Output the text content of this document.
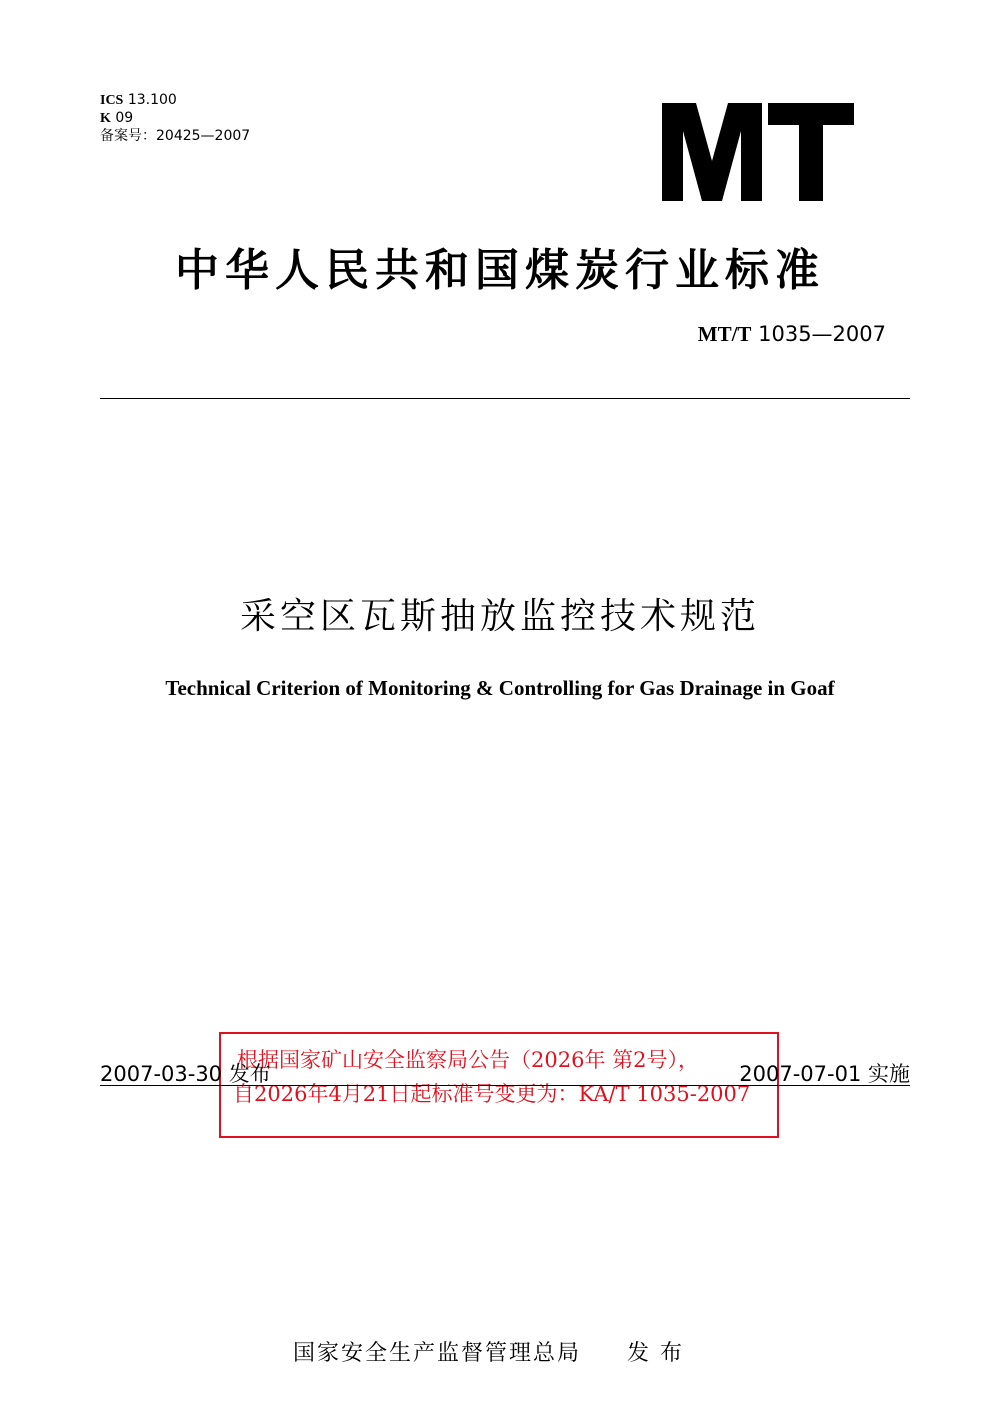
ICS 13.100
K 09
备案号：20425—2007
中华人民共和国煤炭行业标准
MT/T 1035—2007
采空区瓦斯抽放监控技术规范
Technical Criterion of Monitoring & Controlling for Gas Drainage in Goaf
根据国家矿山安全监察局公告（2026年 第2号），
自2026年4月21日起标准号变更为：KA/T 1035-2007
2007-03-30 发布	2007-07-01 实施
国家安全生产监督管理总局 发 布
